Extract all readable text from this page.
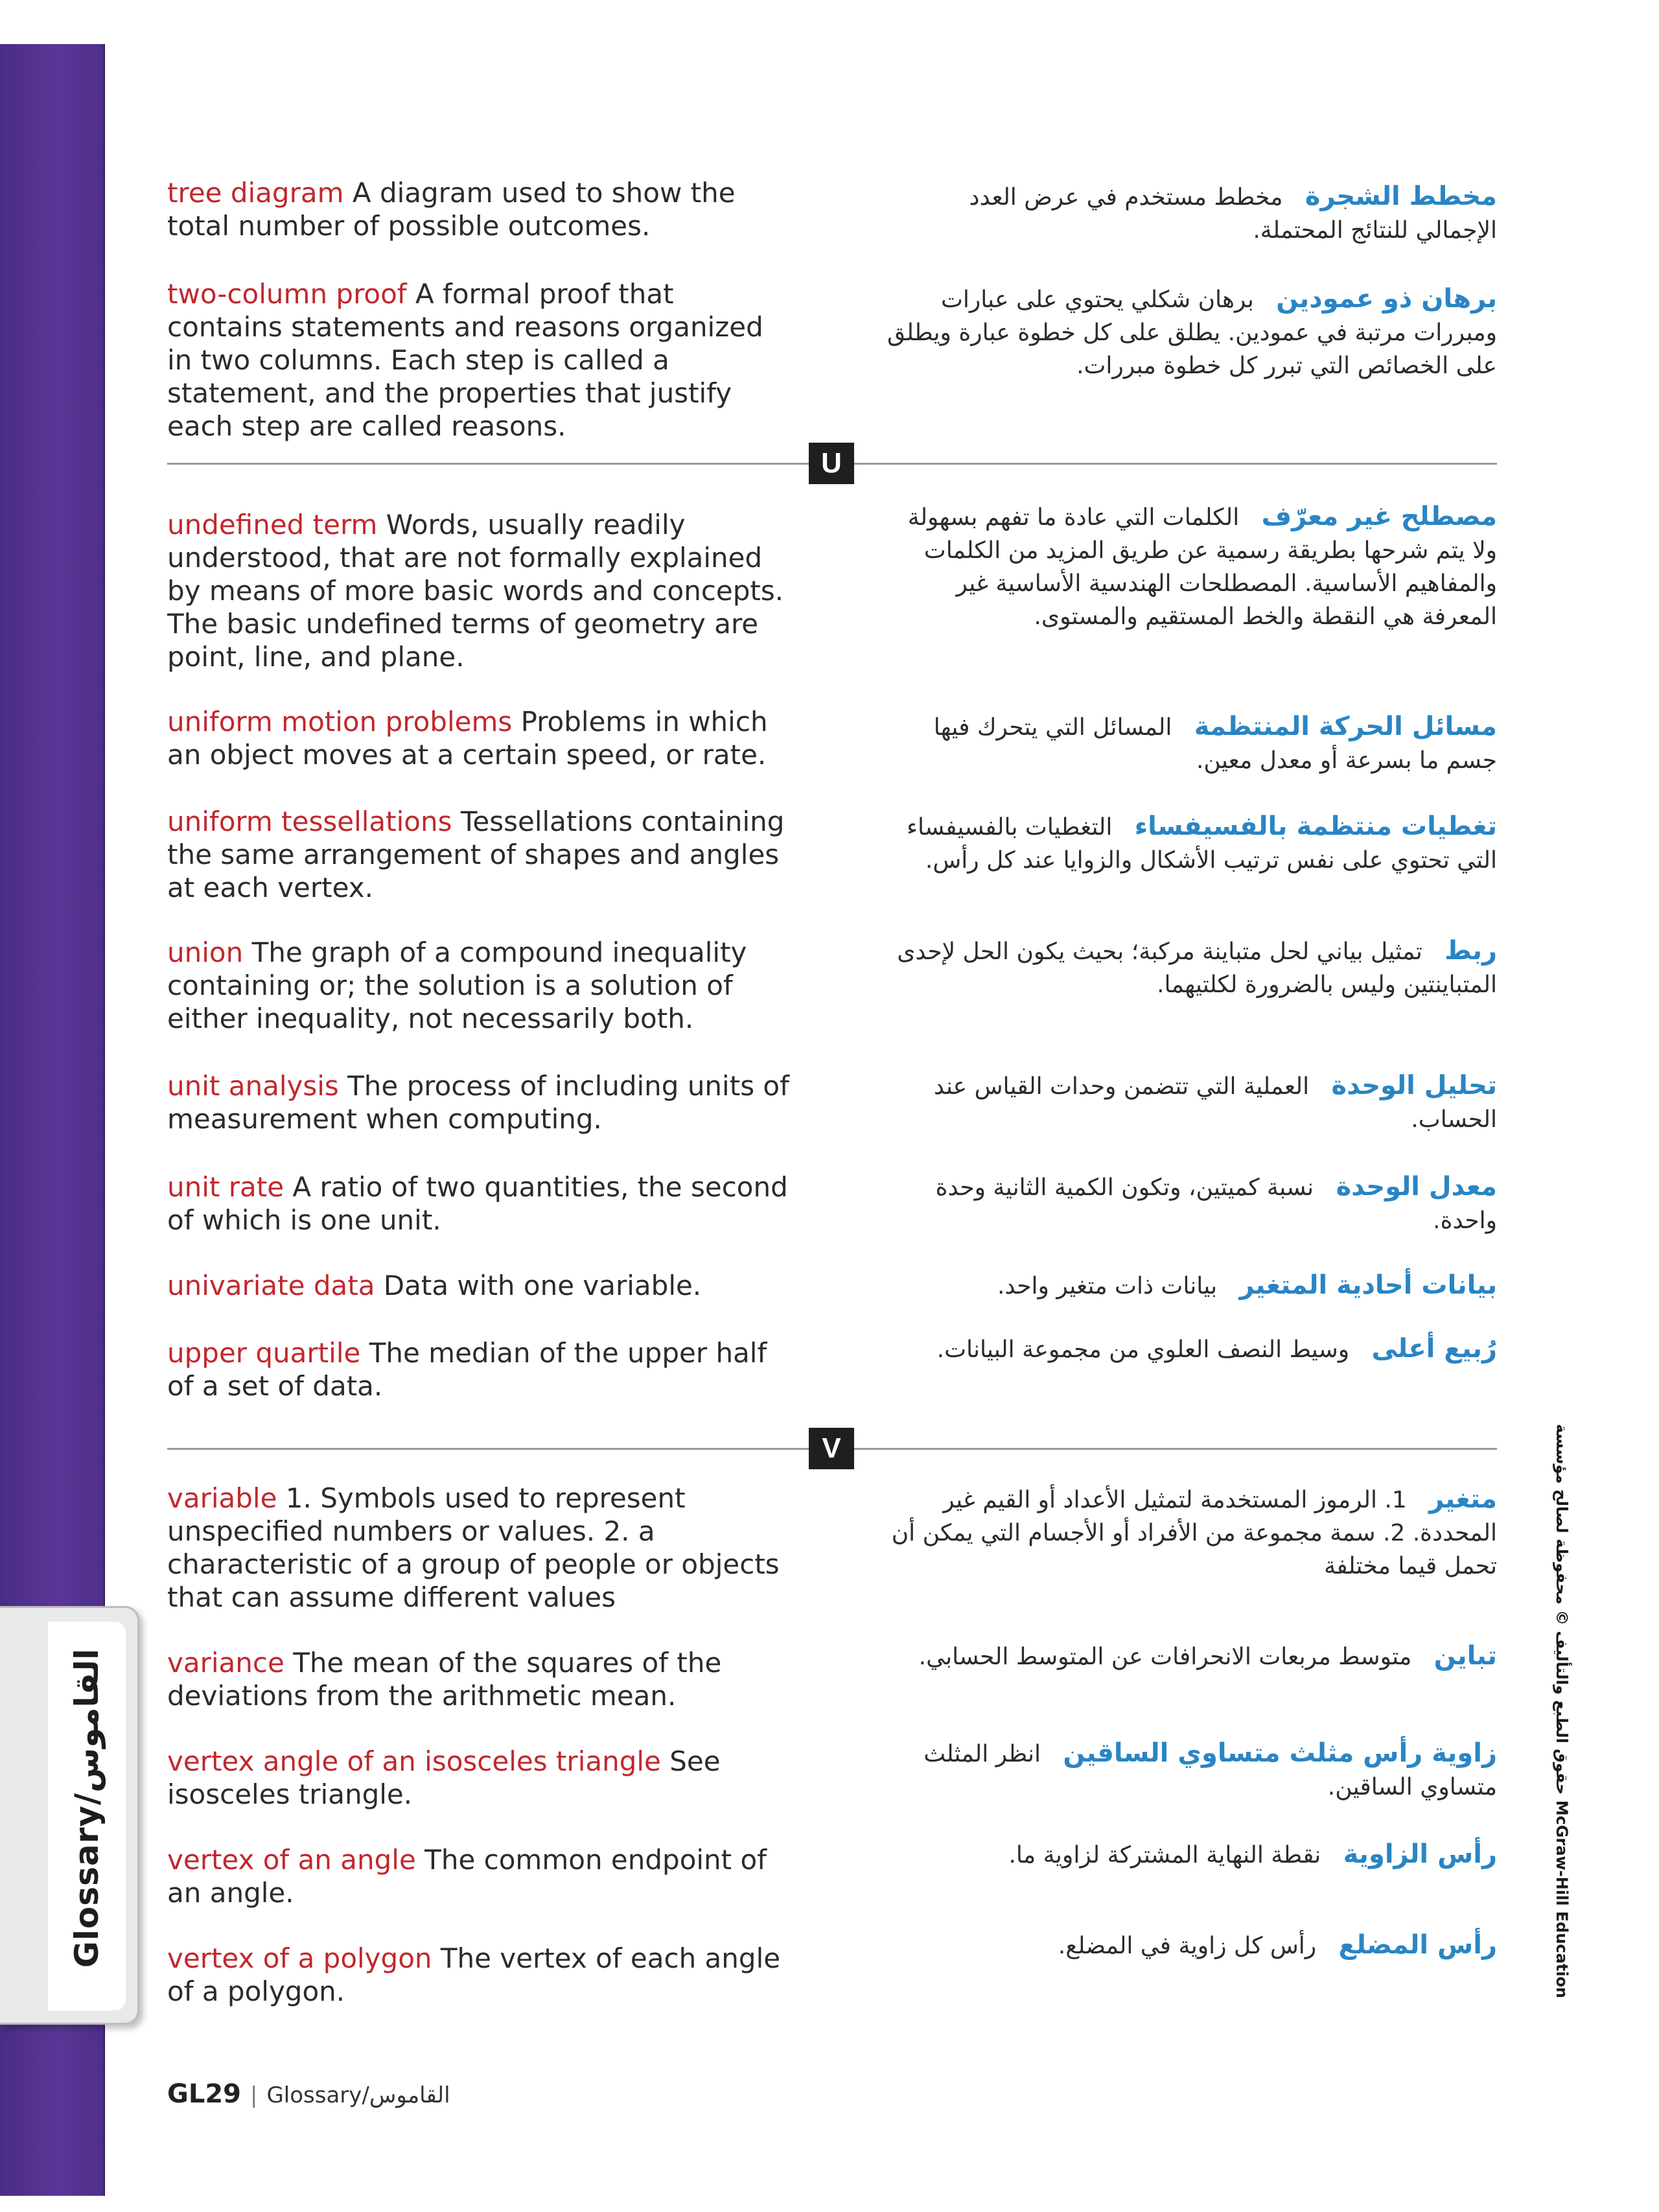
Glossary/القاموس
tree diagram A diagram used to show the total number of possible outcomes.
مخطط الشجرة   مخطط مستخدم في عرض العدد الإجمالي للنتائج المحتملة.
two-column proof A formal proof that contains statements and reasons organized in two columns. Each step is called a statement, and the properties that justify each step are called reasons.
برهان ذو عمودين   برهان شكلي يحتوي على عبارات ومبررات مرتبة في عمودين. يطلق على كل خطوة عبارة ويطلق على الخصائص التي تبرر كل خطوة مبررات.
U
undefined term Words, usually readily understood, that are not formally explained by means of more basic words and concepts. The basic undefined terms of geometry are point, line, and plane.
مصطلح غير معرّف   الكلمات التي عادة ما تفهم بسهولة ولا يتم شرحها بطريقة رسمية عن طريق المزيد من الكلمات والمفاهيم الأساسية. المصطلحات الهندسية الأساسية غير المعرفة هي النقطة والخط المستقيم والمستوى.
uniform motion problems Problems in which an object moves at a certain speed, or rate.
مسائل الحركة المنتظمة   المسائل التي يتحرك فيها جسم ما بسرعة أو معدل معين.
uniform tessellations Tessellations containing the same arrangement of shapes and angles at each vertex.
تغطيات منتظمة بالفسيفساء   التغطيات بالفسيفساء التي تحتوي على نفس ترتيب الأشكال والزوايا عند كل رأس.
union The graph of a compound inequality containing or; the solution is a solution of either inequality, not necessarily both.
ربط   تمثيل بياني لحل متباينة مركبة؛ بحيث يكون الحل لإحدى المتباينتين وليس بالضرورة لكلتيهما.
unit analysis The process of including units of measurement when computing.
تحليل الوحدة   العملية التي تتضمن وحدات القياس عند الحساب.
unit rate A ratio of two quantities, the second of which is one unit.
معدل الوحدة   نسبة كميتين، وتكون الكمية الثانية وحدة واحدة.
univariate data Data with one variable.	بيانات أحادية المتغير   بيانات ذات متغير واحد.
upper quartile The median of the upper half of a set of data.
رُبيع أعلى   وسيط النصف العلوي من مجموعة البيانات.
V
variable 1. Symbols used to represent unspecified numbers or values. 2. a characteristic of a group of people or objects that can assume different values
متغير   1. الرموز المستخدمة لتمثيل الأعداد أو القيم غير المحددة. 2. سمة مجموعة من الأفراد أو الأجسام التي يمكن أن تحمل قيما مختلفة
variance The mean of the squares of the deviations from the arithmetic mean.
تباين   متوسط مربعات الانحرافات عن المتوسط الحسابي.
vertex angle of an isosceles triangle See isosceles triangle.
زاوية رأس مثلث متساوي الساقين   انظر المثلث متساوي الساقين.
vertex of an angle The common endpoint of an angle.
رأس الزاوية   نقطة النهاية المشتركة لزاوية ما.
vertex of a polygon The vertex of each angle of a polygon.
رأس المضلع   رأس كل زاوية في المضلع.
حقوق الطبع والتأليف © محفوظة لصالح مؤسسة McGraw-Hill Education
GL29 | Glossary/القاموس
